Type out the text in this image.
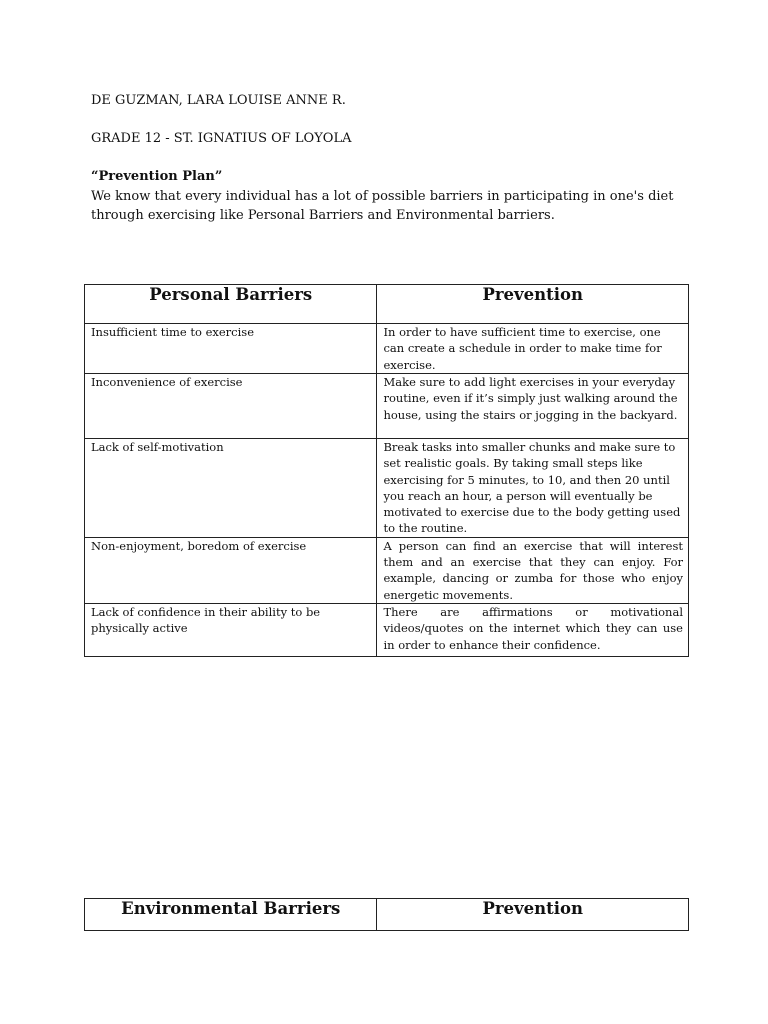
DE GUZMAN, LARA LOUISE ANNE R.
GRADE 12 - ST. IGNATIUS OF LOYOLA
“Prevention Plan”
We know that every individual has a lot of possible barriers in participating in one's diet through exercising like Personal Barriers and Environmental barriers.
Personal Barriers	Prevention
Insufficient time to exercise	In order to have sufficient time to exercise, one can create a schedule in order to make time for exercise.
Inconvenience of exercise	Make sure to add light exercises in your everyday routine, even if it’s simply just walking around the house, using the stairs or jogging in the backyard.
Lack of self-motivation	Break tasks into smaller chunks and make sure to set realistic goals. By taking small steps like exercising for 5 minutes, to 10, and then 20 until you reach an hour, a person will eventually be motivated to exercise due to the body getting used to the routine.
Non-enjoyment, boredom of exercise	A person can find an exercise that will interest them and an exercise that they can enjoy. For example, dancing or zumba for those who enjoy energetic movements.
Lack of confidence in their ability to be physically active	There are affirmations or motivational videos/quotes on the internet which they can use in order to enhance their confidence.
Environmental Barriers	Prevention
